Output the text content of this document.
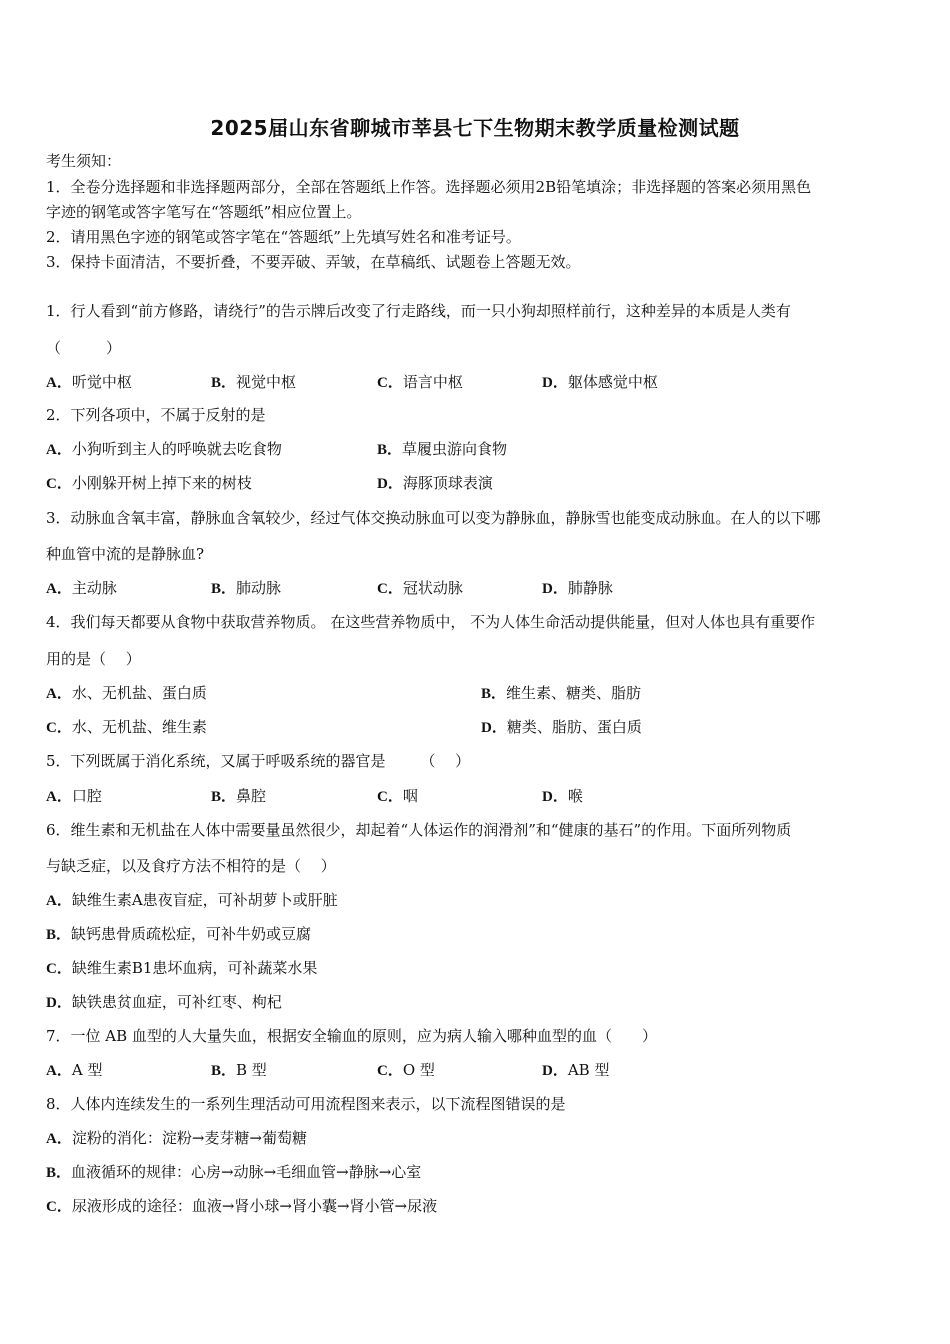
2025届山东省聊城市莘县七下生物期末教学质量检测试题
考生须知：
1．全卷分选择题和非选择题两部分，全部在答题纸上作答。选择题必须用2B铅笔填涂；非选择题的答案必须用黑色
字迹的钢笔或答字笔写在“答题纸”相应位置上。
2．请用黑色字迹的钢笔或答字笔在“答题纸”上先填写姓名和准考证号。
3．保持卡面清洁，不要折叠，不要弄破、弄皱，在草稿纸、试题卷上答题无效。
1．行人看到“前方修路，请绕行”的告示牌后改变了行走路线，而一只小狗却照样前行，这种差异的本质是人类有
（　　　）
A．听觉中枢	B．视觉中枢	C．语言中枢	D．躯体感觉中枢
2．下列各项中，不属于反射的是
A．小狗听到主人的呼唤就去吃食物	B．草履虫游向食物
C．小刚躲开树上掉下来的树枝	D．海豚顶球表演
3．动脉血含氧丰富，静脉血含氧较少，经过气体交换动脉血可以变为静脉血，静脉雪也能变成动脉血。在人的以下哪
种血管中流的是静脉血?
A．主动脉	B．肺动脉	C．冠状动脉	D．肺静脉
4．我们每天都要从食物中获取营养物质。 在这些营养物质中， 不为人体生命活动提供能量，但对人体也具有重要作
用的是（　 ）
A．水、无机盐、蛋白质	B．维生素、糖类、脂肪
C．水、无机盐、维生素	D．糖类、脂肪、蛋白质
5．下列既属于消化系统，又属于呼吸系统的器官是　　 （　 ）
A．口腔	B．鼻腔	C．咽	D．喉
6．维生素和无机盐在人体中需要量虽然很少，却起着“人体运作的润滑剂”和“健康的基石”的作用。下面所列物质
与缺乏症，以及食疗方法不相符的是（　 ）
A．缺维生素A患夜盲症，可补胡萝卜或肝脏
B．缺钙患骨质疏松症，可补牛奶或豆腐
C．缺维生素B1患坏血病，可补蔬菜水果
D．缺铁患贫血症，可补红枣、枸杞
7．一位 AB 血型的人大量失血，根据安全输血的原则，应为病人输入哪种血型的血（　　）
A．A 型	B．B 型	C．O 型	D．AB 型
8．人体内连续发生的一系列生理活动可用流程图来表示，以下流程图错误的是
A．淀粉的消化：淀粉→麦芽糖→葡萄糖
B．血液循环的规律：心房→动脉→毛细血管→静脉→心室
C．尿液形成的途径：血液→肾小球→肾小囊→肾小管→尿液
